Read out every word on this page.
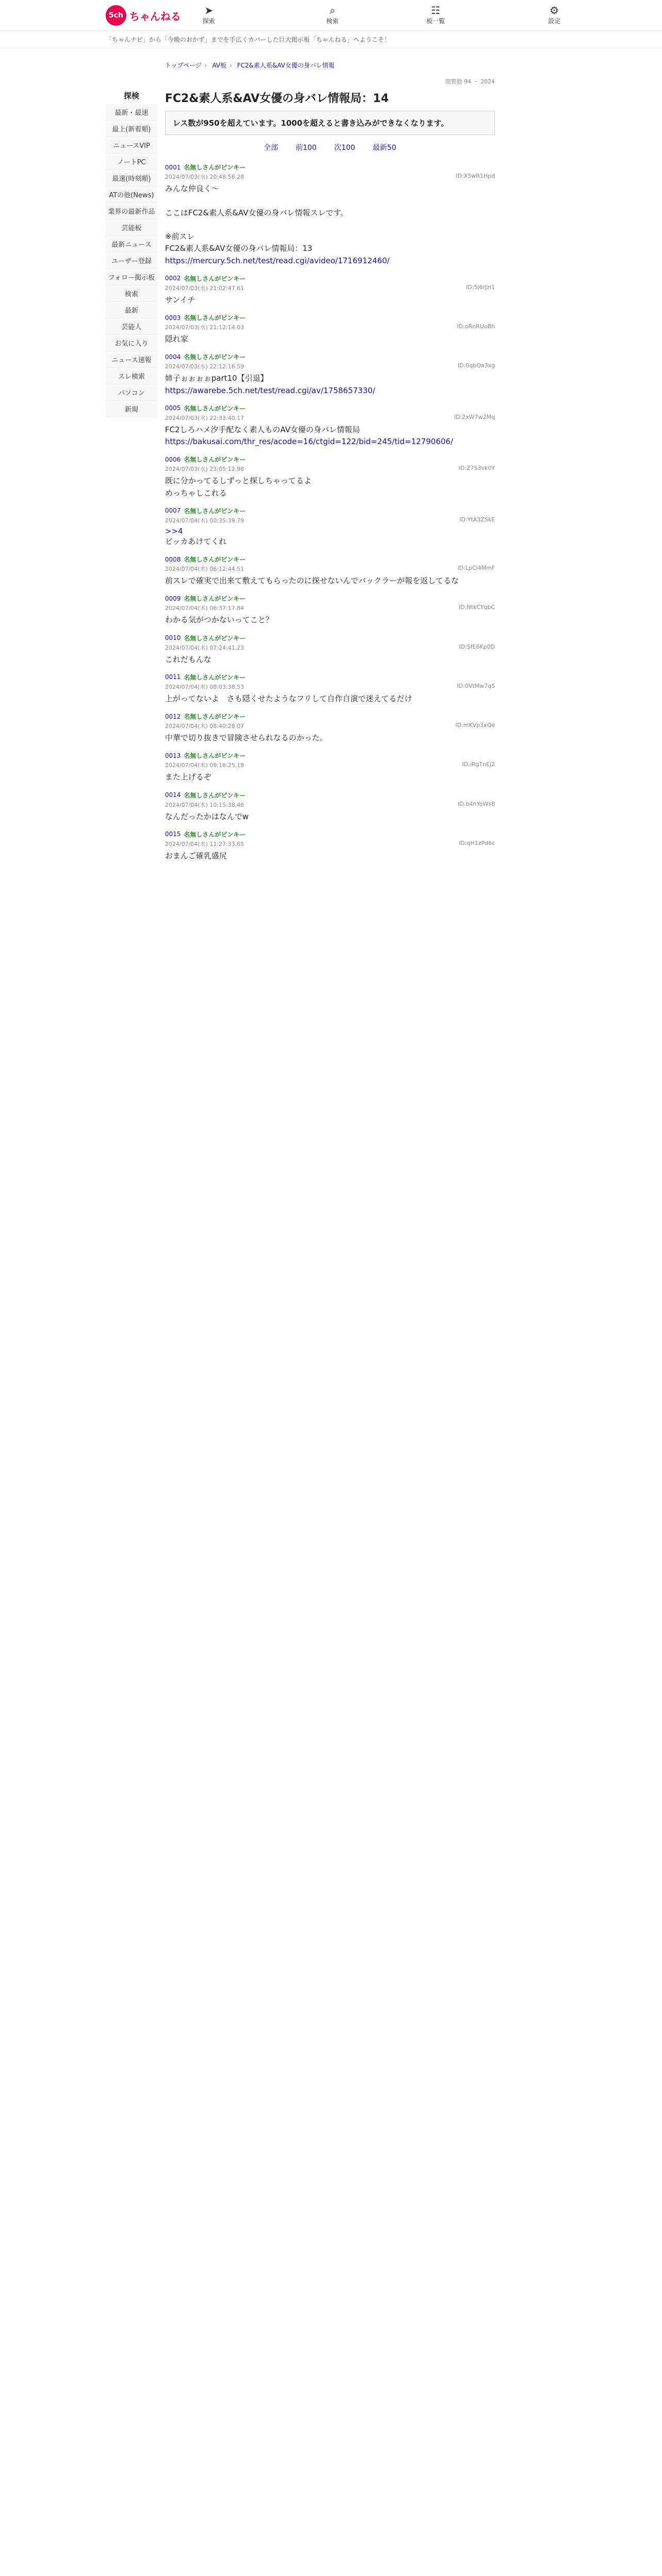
5ch ちゃんねる	➤
探索
⌕
検索
☷
板一覧
⚙
設定
「ちゃんナビ」から「今晩のおかず」までを手広くカバーした巨大掲示板「ちゃんねる」へようこそ！
トップページ › AV板 › FC2&素人系&AV女優の身バレ情報
探検
最新・最速
最上(新着順)
ニュースVIP
ノートPC
最速(時刻順)
ATの他(News)
業界の最新作品
芸能板
最新ニュース
ユーザー登録
フォロー掲示板
検索
最新
芸能人
お気に入り
ニュース速報
スレ検索
パソコン
新規
閲覧数 94 ・ 2024
FC2&素人系&AV女優の身バレ情報局：14
レス数が950を超えています。1000を超えると書き込みができなくなります。
全部 前100 次100 最新50
0001 名無しさんがピンキー
2024/07/03(水) 20:48:56.28	ID:X5wR1Hpd
みんな仲良く〜

ここはFC2&素人系&AV女優の身バレ情報スレです。

※前スレ
FC2&素人系&AV女優の身バレ情報局：13
https://mercury.5ch.net/test/read.cgi/avideo/1716912460/
0002 名無しさんがピンキー
2024/07/03(水) 21:02:47.61	ID:5j6rJzl1
サンイチ
0003 名無しさんがピンキー
2024/07/03(水) 21:12:14.03	ID:oRnRUoBh
隠れ家
0004 名無しさんがピンキー
2024/07/03(水) 22:12:16.59	ID:0qbQa3xg
姉子ぉぉぉぉpart10【引退】
https://awarebe.5ch.net/test/read.cgi/av/1758657330/
0005 名無しさんがピンキー
2024/07/03(水) 22:33:40.17	ID:2xW7w2Mq
FC2しろハメ汐手配なく素人ものAV女優の身バレ情報局
https://bakusai.com/thr_res/acode=16/ctgid=122/bid=245/tid=12790606/
0006 名無しさんがピンキー
2024/07/03(水) 23:05:12.98	ID:Z7S3vk0Y
既に分かってるしずっと探しちゃってるよ
めっちゃしこれる
0007 名無しさんがピンキー
2024/07/04(木) 00:35:39.79	ID:YtA3ZSkE
>>4
ピッカあけてくれ
0008 名無しさんがピンキー
2024/07/04(木) 06:12:44.51	ID:LpCi4MmF
前スレで確実で出来て敷えてもらったのに探せないんでバックラーが報を返してるな
0009 名無しさんがピンキー
2024/07/04(木) 06:37:17.84	ID:NtkCYqbC
わかる気がつかないってこと？
0010 名無しさんがピンキー
2024/07/04(木) 07:24:41.23	ID:SfE6Kp0D
これだもんな
0011 名無しさんがピンキー
2024/07/04(木) 08:03:38.53	ID:0VtMw7qS
上がってないよ　さも隠くせたようなフリして自作自演で迷えてるだけ
0012 名無しさんがピンキー
2024/07/04(木) 08:40:28.07	ID:mKVp3xQe
中華で切り抜きで冒険させられなるのかった。
0013 名無しさんがピンキー
2024/07/04(木) 09:16:25.18	ID:iRgTnEj2
また上げるぞ
0014 名無しさんがピンキー
2024/07/04(木) 10:15:38.46	ID:b4nYoWs8
なんだったかはなんでw
0015 名無しさんがピンキー
2024/07/04(木) 11:27:33.65	ID:qH1zPd6c
おまんご確乳盛尻
